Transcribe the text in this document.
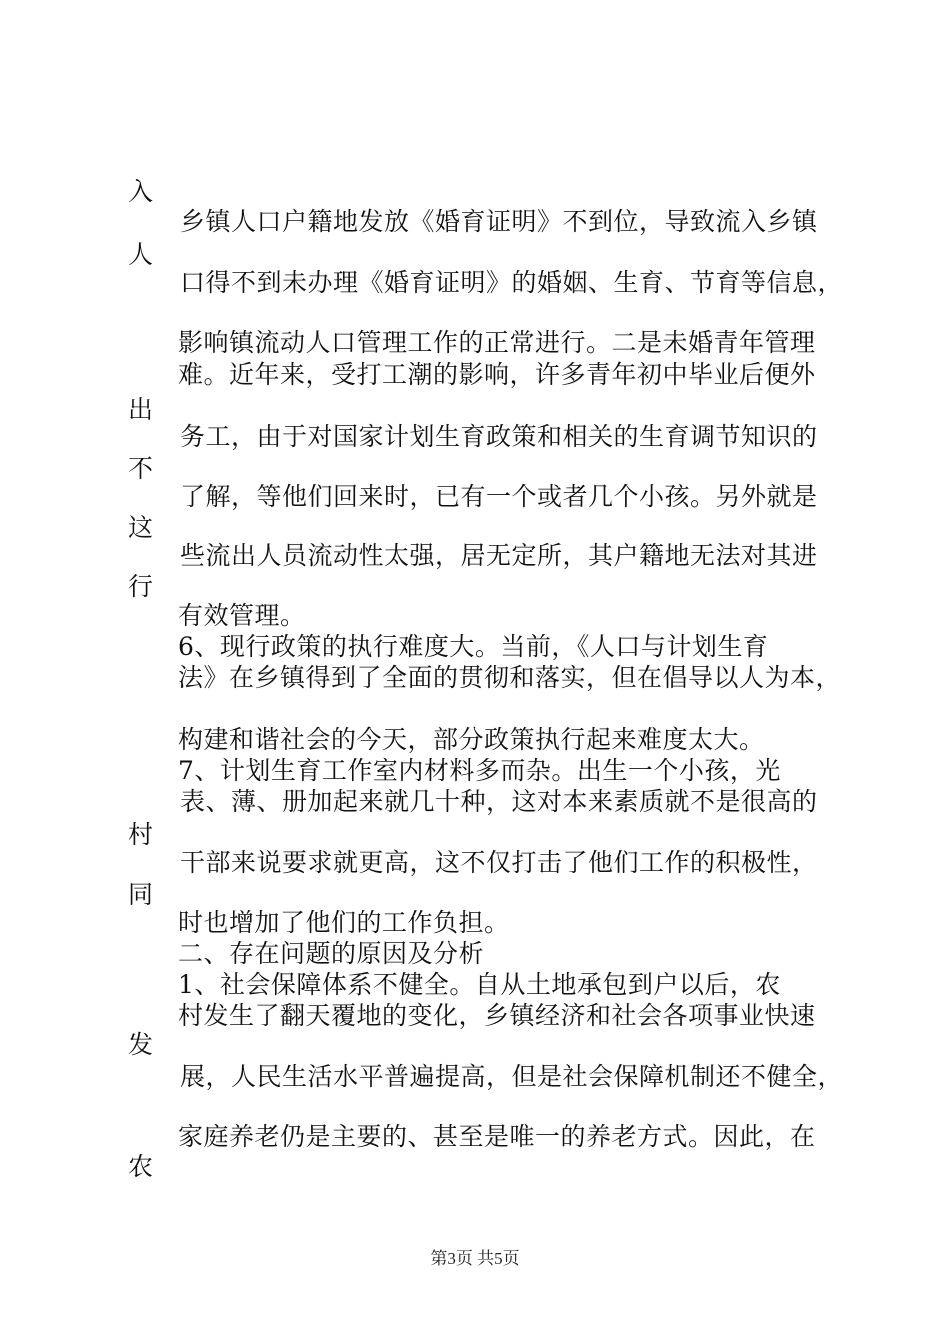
入
人
出
不
这
行
村
同
发
农
乡镇人口户籍地发放《婚育证明》不到位，导致流入乡镇
口得不到未办理《婚育证明》的婚姻、生育、节育等信息，
影响镇流动人口管理工作的正常进行。二是未婚青年管理
难。近年来，受打工潮的影响，许多青年初中毕业后便外
务工，由于对国家计划生育政策和相关的生育调节知识的
了解，等他们回来时，已有一个或者几个小孩。另外就是
些流出人员流动性太强，居无定所，其户籍地无法对其进
有效管理。
6、现行政策的执行难度大。当前，《人口与计划生育
法》在乡镇得到了全面的贯彻和落实，但在倡导以人为本，
构建和谐社会的今天，部分政策执行起来难度太大。
7、计划生育工作室内材料多而杂。出生一个小孩，光
表、薄、册加起来就几十种，这对本来素质就不是很高的
干部来说要求就更高，这不仅打击了他们工作的积极性，
时也增加了他们的工作负担。
二、存在问题的原因及分析
1、社会保障体系不健全。自从土地承包到户以后，农
村发生了翻天覆地的变化，乡镇经济和社会各项事业快速
展，人民生活水平普遍提高，但是社会保障机制还不健全，
家庭养老仍是主要的、甚至是唯一的养老方式。因此，在
第3页 共5页
